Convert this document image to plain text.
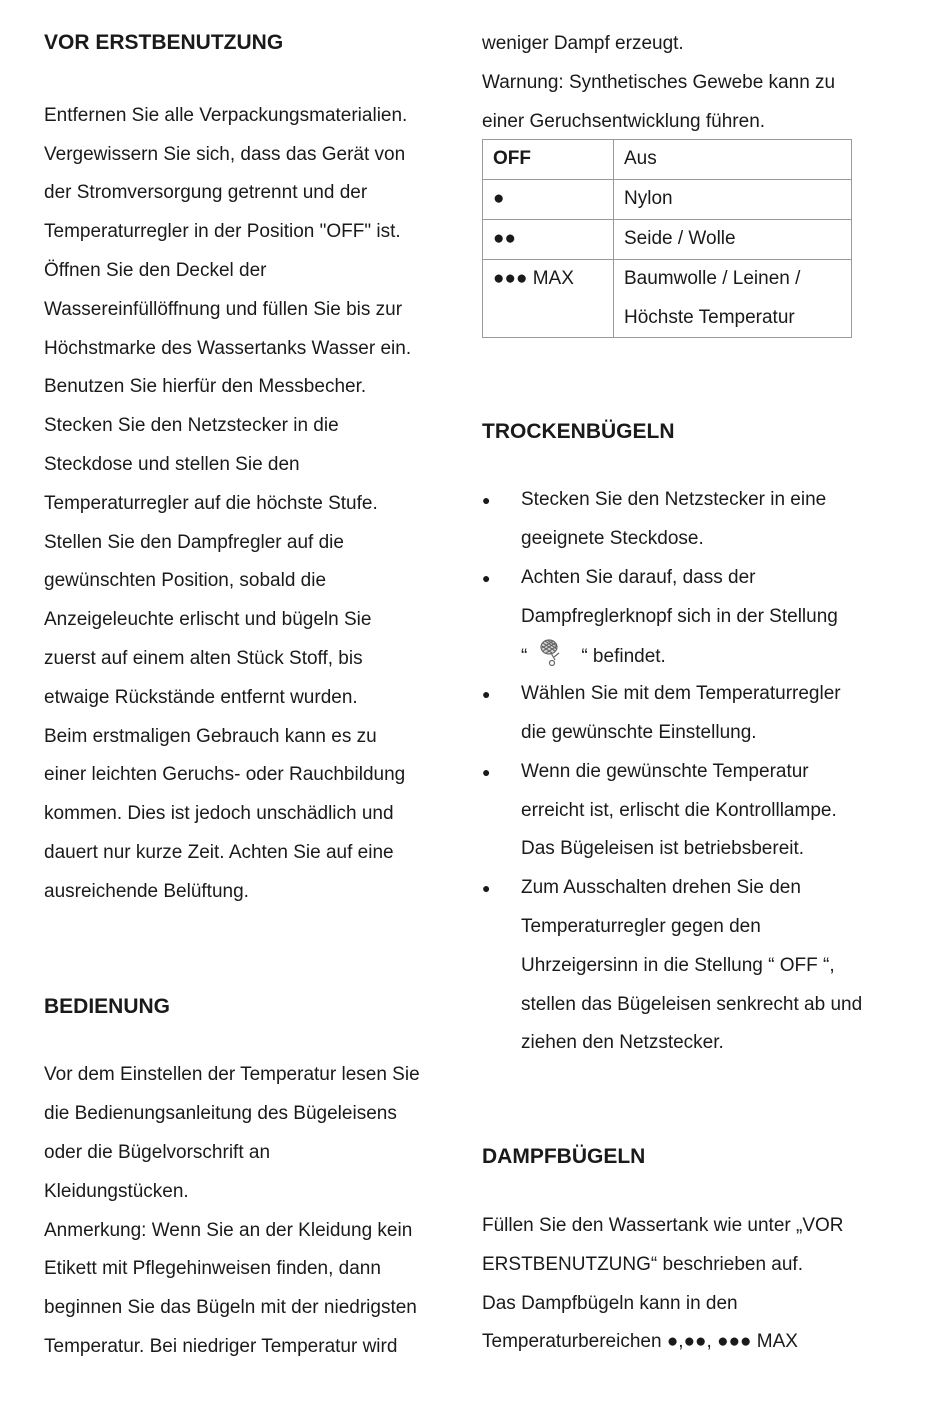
VOR ERSTBENUTZUNG
Entfernen Sie alle Verpackungsmaterialien.
Vergewissern Sie sich, dass das Gerät von
der Stromversorgung getrennt und der
Temperaturregler in der Position "OFF" ist.
Öffnen Sie den Deckel der
Wassereinfüllöffnung und füllen Sie bis zur
Höchstmarke des Wassertanks Wasser ein.
Benutzen Sie hierfür den Messbecher.
Stecken Sie den Netzstecker in die
Steckdose und stellen Sie den
Temperaturregler auf die höchste Stufe.
Stellen Sie den Dampfregler auf die
gewünschten Position, sobald die
Anzeigeleuchte erlischt und bügeln Sie
zuerst auf einem alten Stück Stoff, bis
etwaige Rückstände entfernt wurden.
Beim erstmaligen Gebrauch kann es zu
einer leichten Geruchs- oder Rauchbildung
kommen. Dies ist jedoch unschädlich und
dauert nur kurze Zeit. Achten Sie auf eine
ausreichende Belüftung.
BEDIENUNG
Vor dem Einstellen der Temperatur lesen Sie
die Bedienungsanleitung des Bügeleisens
oder die Bügelvorschrift an
Kleidungstücken.
Anmerkung: Wenn Sie an der Kleidung kein
Etikett mit Pflegehinweisen finden, dann
beginnen Sie das Bügeln mit der niedrigsten
Temperatur. Bei niedriger Temperatur wird
weniger Dampf erzeugt.
Warnung: Synthetisches Gewebe kann zu
einer Geruchsentwicklung führen.
OFF	Aus
●	Nylon
●●	Seide / Wolle
●●● MAX	Baumwolle / Leinen /
Höchste Temperatur
TROCKENBÜGELN
● Stecken Sie den Netzstecker in eine
geeignete Steckdose.
● Achten Sie darauf, dass der
Dampfreglerknopf sich in der Stellung
“	“ befindet.
● Wählen Sie mit dem Temperaturregler
die gewünschte Einstellung.
● Wenn die gewünschte Temperatur
erreicht ist, erlischt die Kontrolllampe.
Das Bügeleisen ist betriebsbereit.
● Zum Ausschalten drehen Sie den
Temperaturregler gegen den
Uhrzeigersinn in die Stellung “ OFF “,
stellen das Bügeleisen senkrecht ab und
ziehen den Netzstecker.
DAMPFBÜGELN
Füllen Sie den Wassertank wie unter „VOR
ERSTBENUTZUNG“ beschrieben auf.
Das Dampfbügeln kann in den
Temperaturbereichen ●,●●, ●●● MAX
